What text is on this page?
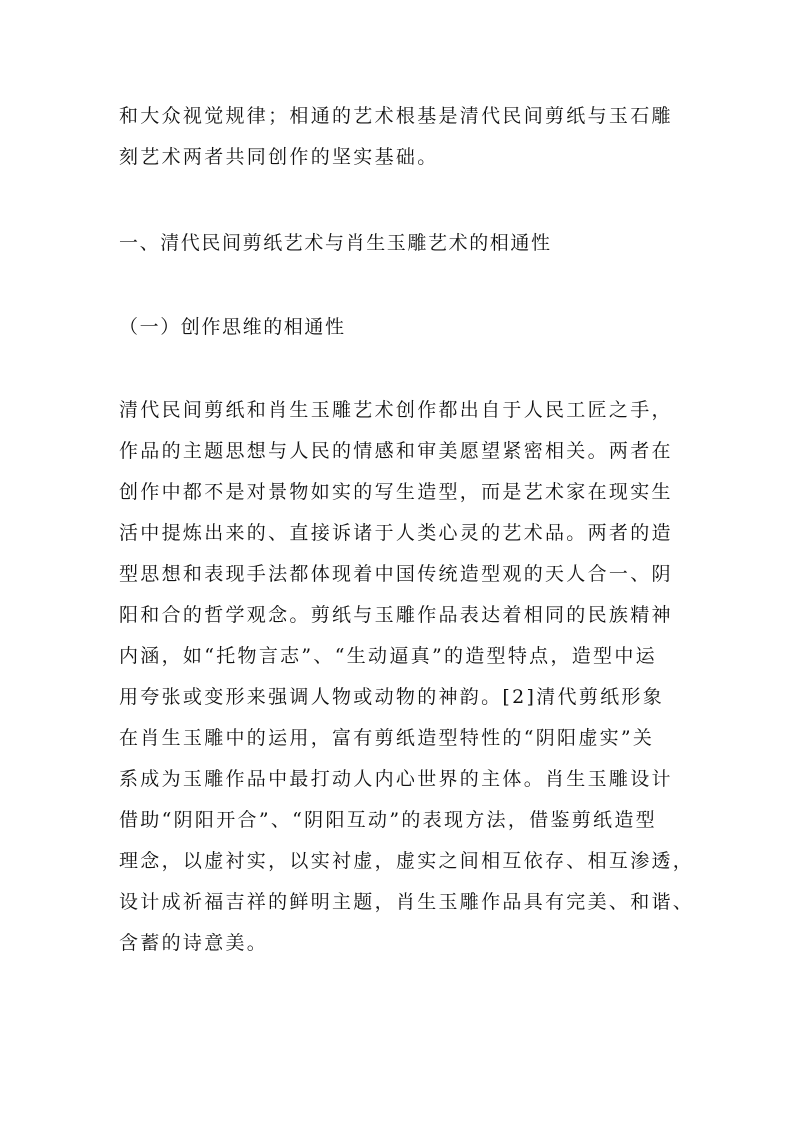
和大众视觉规律；相通的艺术根基是清代民间剪纸与玉石雕
刻艺术两者共同创作的坚实基础。
一、清代民间剪纸艺术与肖生玉雕艺术的相通性
（一）创作思维的相通性
清代民间剪纸和肖生玉雕艺术创作都出自于人民工匠之手，
作品的主题思想与人民的情感和审美愿望紧密相关。两者在
创作中都不是对景物如实的写生造型，而是艺术家在现实生
活中提炼出来的、直接诉诸于人类心灵的艺术品。两者的造
型思想和表现手法都体现着中国传统造型观的天人合一、阴
阳和合的哲学观念。剪纸与玉雕作品表达着相同的民族精神
内涵，如“托物言志”、“生动逼真”的造型特点，造型中运
用夸张或变形来强调人物或动物的神韵。[2]清代剪纸形象
在肖生玉雕中的运用，富有剪纸造型特性的“阴阳虚实”关
系成为玉雕作品中最打动人内心世界的主体。肖生玉雕设计
借助“阴阳开合”、“阴阳互动”的表现方法，借鉴剪纸造型
理念，以虚衬实，以实衬虚，虚实之间相互依存、相互渗透，
设计成祈福吉祥的鲜明主题，肖生玉雕作品具有完美、和谐、
含蓄的诗意美。
